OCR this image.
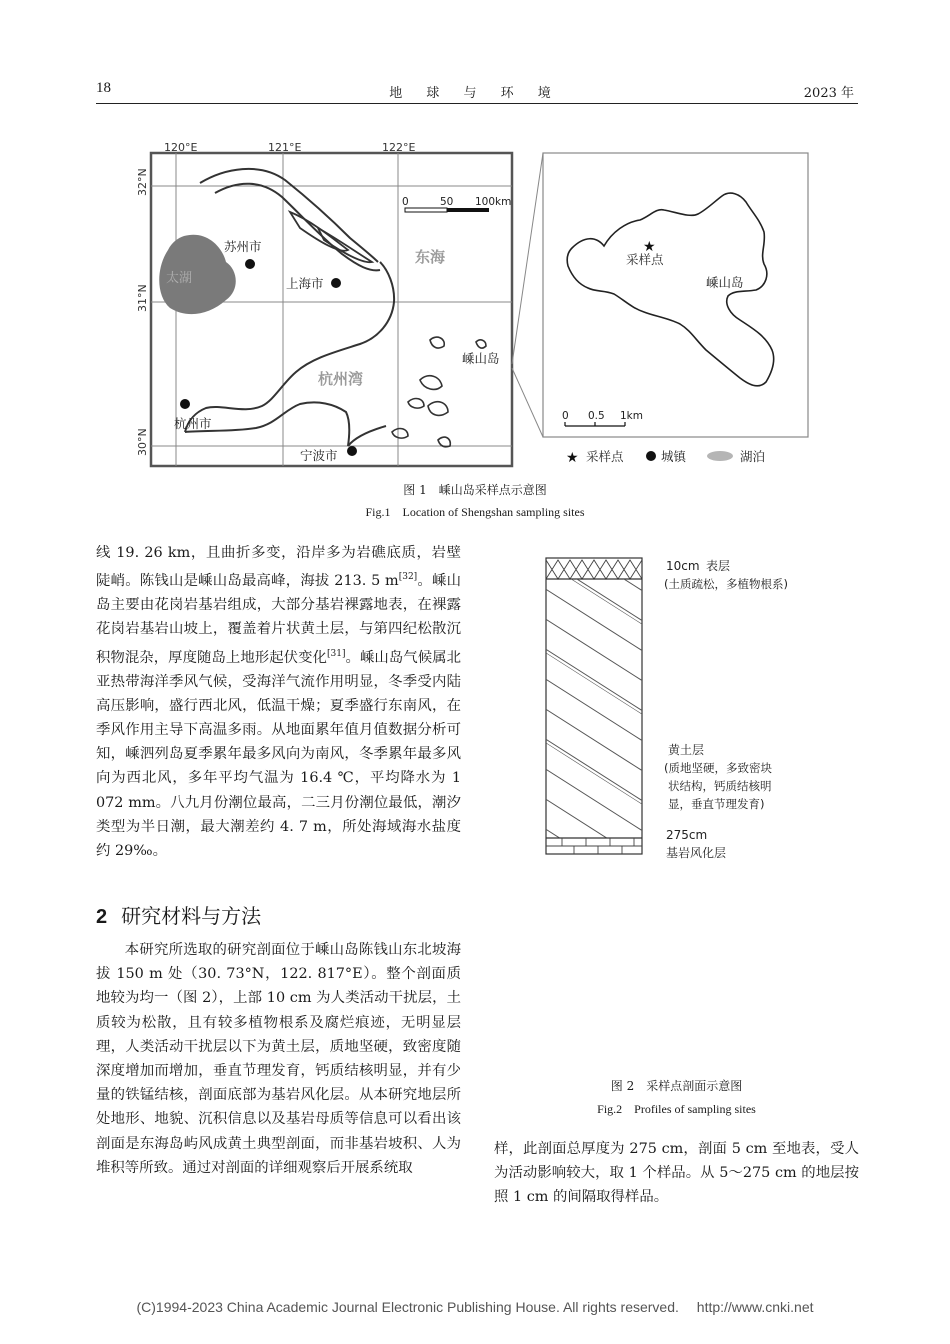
18	地 球 与 环 境	2023 年
120°E	121°E	122°E
32°N
31°N
30°N
太湖
东海
杭州湾
苏州市
上海市
杭州市
宁波市
嵊山岛
0	50 100km
★
采样点
嵊山岛
0 0.5 1km
★ 采样点	城镇	湖泊
图 1　嵊山岛采样点示意图
Fig.1　Location of Shengshan sampling sites
10cm 表层
(土质疏松，多植物根系)
黄土层
(质地坚硬，多致密块
状结构，钙质结核明
显，垂直节理发育)
275cm
基岩风化层
图 2　采样点剖面示意图
Fig.2　Profiles of sampling sites

线 19. 26 km，且曲折多变，沿岸多为岩礁底质，岩壁陡峭。陈钱山是嵊山岛最高峰，海拔 213. 5 m[32]。嵊山岛主要由花岗岩基岩组成，大部分基岩裸露地表，在裸露花岗岩基岩山坡上，覆盖着片状黄土层，与第四纪松散沉积物混杂，厚度随岛上地形起伏变化[31]。嵊山岛气候属北亚热带海洋季风气候，受海洋气流作用明显，冬季受内陆高压影响，盛行西北风，低温干燥；夏季盛行东南风，在季风作用主导下高温多雨。从地面累年值月值数据分析可知，嵊泗列岛夏季累年最多风向为南风，冬季累年最多风向为西北风，多年平均气温为 16.4 ℃，平均降水为 1 072 mm。八九月份潮位最高，二三月份潮位最低，潮汐类型为半日潮，最大潮差约 4. 7 m，所处海域海水盐度约 29‰。

2 研究材料与方法

本研究所选取的研究剖面位于嵊山岛陈钱山东北坡海拔 150 m 处（30. 73°N，122. 817°E）。整个剖面质地较为均一（图 2），上部 10 cm 为人类活动干扰层，土质较为松散，且有较多植物根系及腐烂痕迹，无明显层理，人类活动干扰层以下为黄土层，质地坚硬，致密度随深度增加而增加，垂直节理发育，钙质结核明显，并有少量的铁锰结核，剖面底部为基岩风化层。从本研究地层所处地形、地貌、沉积信息以及基岩母质等信息可以看出该剖面是东海岛屿风成黄土典型剖面，而非基岩坡积、人为堆积等所致。通过对剖面的详细观察后开展系统取

样，此剖面总厚度为 275 cm，剖面 5 cm 至地表，受人为活动影响较大，取 1 个样品。从 5～275 cm 的地层按照 1 cm 的间隔取得样品。

(C)1994-2023 China Academic Journal Electronic Publishing House. All rights reserved.　 http://www.cnki.net
